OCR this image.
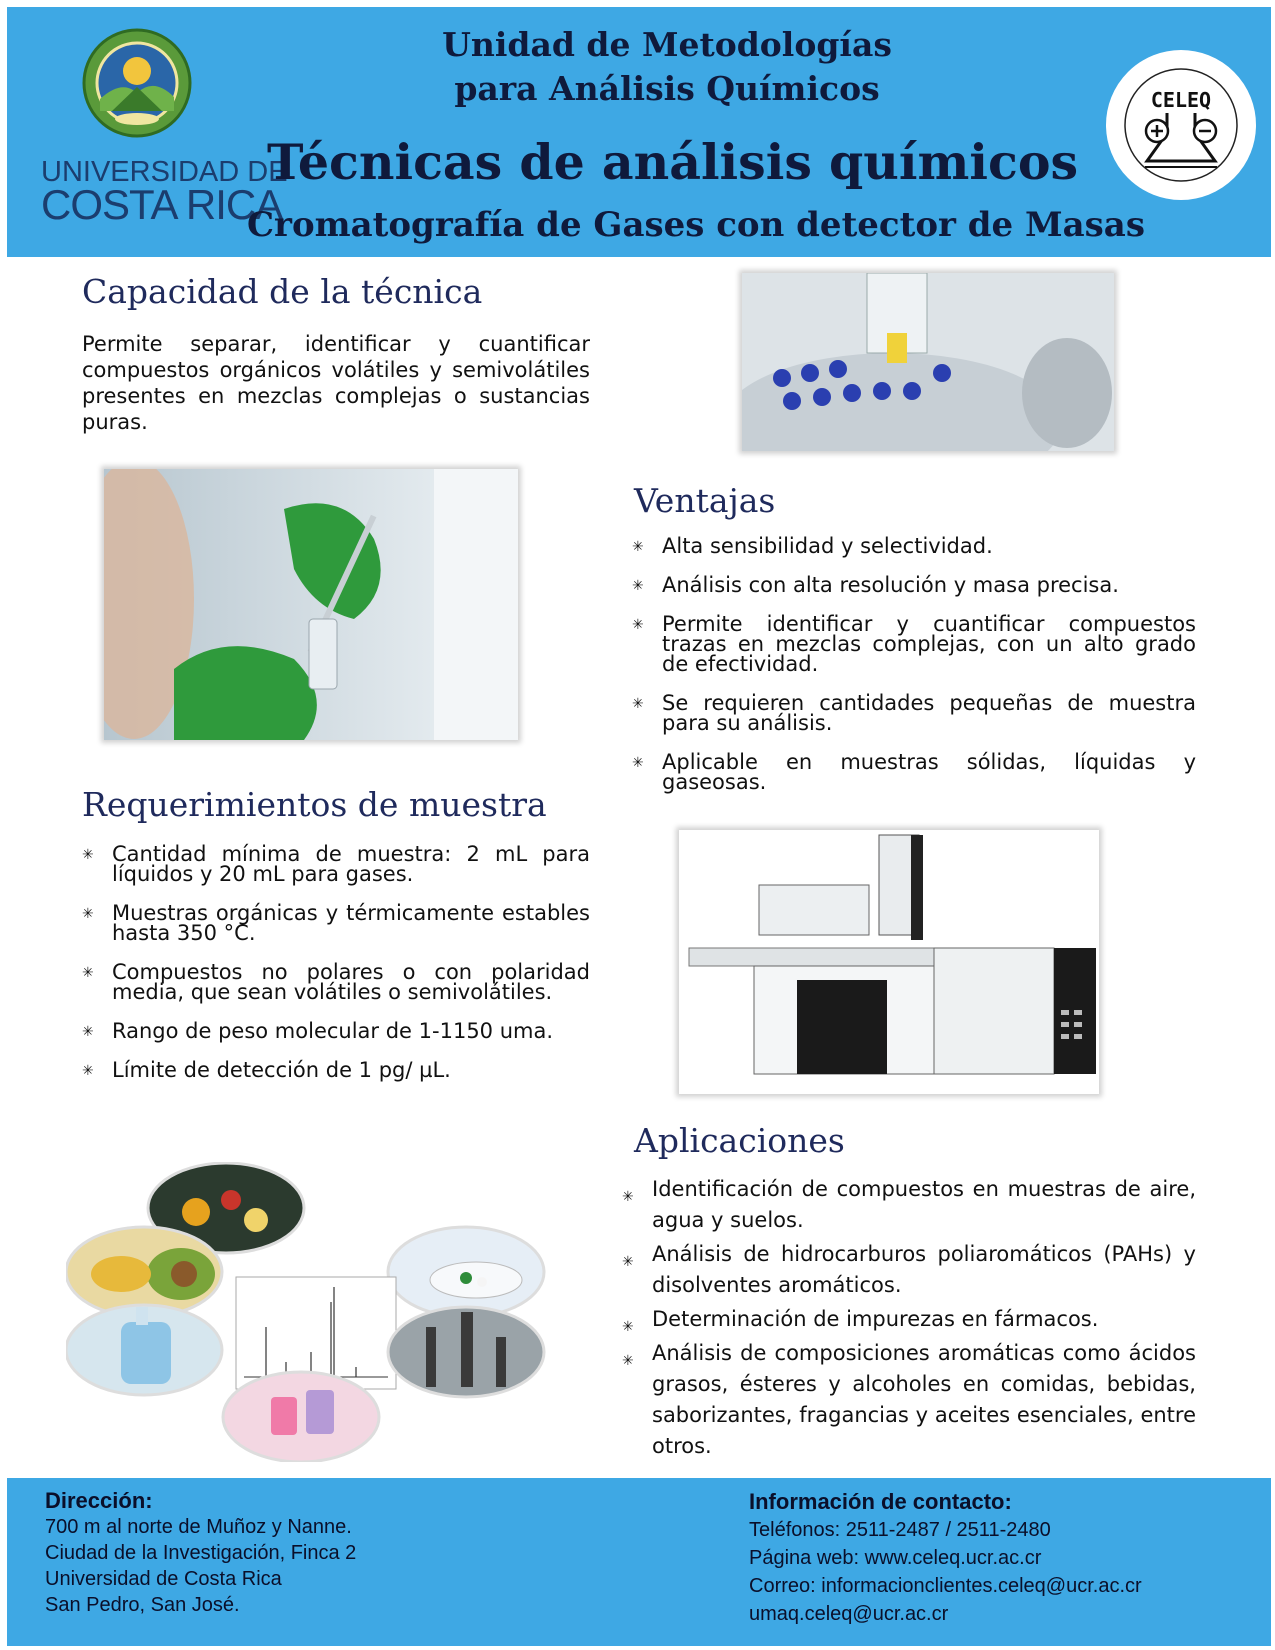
UNIVERSIDAD DE
COSTA RICA
Unidad de Metodologías
para Análisis Químicos
Técnicas de análisis químicos
Cromatografía de Gases con detector de Masas
CELEQ
Capacidad de la técnica
Permite separar, identificar y cuantificar compuestos orgánicos volátiles y semivolátiles presentes en mezclas complejas o sustancias puras.
Requerimientos de muestra
✳ Cantidad mínima de muestra: 2 mL para líquidos y 20 mL para gases.
✳ Muestras orgánicas y térmicamente estables hasta 350 °C.
✳ Compuestos no polares o con polaridad media, que sean volátiles o semivolátiles.
✳ Rango de peso molecular de 1-1150 uma.
✳ Límite de detección de 1 pg/ µL.
Ventajas
✳ Alta sensibilidad y selectividad.
✳ Análisis con alta resolución y masa precisa.
✳ Permite identificar y cuantificar compuestos trazas en mezclas complejas, con un alto grado de efectividad.
✳ Se requieren cantidades pequeñas de muestra para su análisis.
✳ Aplicable en muestras sólidas, líquidas y gaseosas.
Aplicaciones
✳ Identificación de compuestos en muestras de aire, agua y suelos.
✳ Análisis de hidrocarburos poliaromáticos (PAHs) y disolventes aromáticos.
✳ Determinación de impurezas en fármacos.
✳ Análisis de composiciones aromáticas como ácidos grasos, ésteres y alcoholes en comidas, bebidas, saborizantes, fragancias y aceites esenciales, entre otros.
Dirección:
700 m al norte de Muñoz y Nanne.
Ciudad de la Investigación, Finca 2
Universidad de Costa Rica
San Pedro, San José.
Información de contacto:
Teléfonos: 2511-2487 / 2511-2480
Página web: www.celeq.ucr.ac.cr
Correo: informacionclientes.celeq@ucr.ac.cr
umaq.celeq@ucr.ac.cr
